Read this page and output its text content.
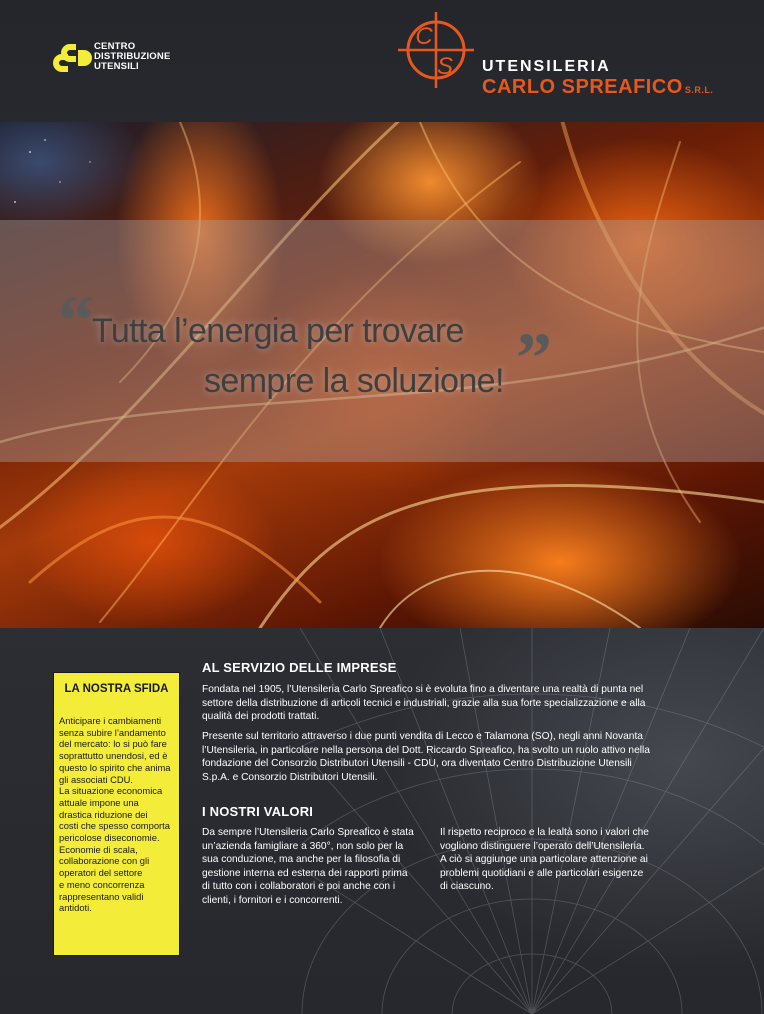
CENTRO
DISTRIBUZIONE
UTENSILI
C
S UTENSILERIA
CARLO SPREAFICO S.R.L.
“
Tutta l’energia per trovare
sempre la soluzione! ”
LA NOSTRA SFIDA
Anticipare i cambiamenti
senza subire l’andamento
del mercato: lo si può fare
soprattutto unendosi, ed è
questo lo spirito che anima
gli associati CDU.
La situazione economica
attuale impone una
drastica riduzione dei
costi che spesso comporta
pericolose diseconomie.
Economie di scala,
collaborazione con gli
operatori del settore
e meno concorrenza
rappresentano validi
antidoti.
AL SERVIZIO DELLE IMPRESE
Fondata nel 1905, l’Utensileria Carlo Spreafico si è evoluta fino a diventare una realtà di punta nel
settore della distribuzione di articoli tecnici e industriali, grazie alla sua forte specializzazione e alla
qualità dei prodotti trattati.
Presente sul territorio attraverso i due punti vendita di Lecco e Talamona (SO), negli anni Novanta
l’Utensileria, in particolare nella persona del Dott. Riccardo Spreafico, ha svolto un ruolo attivo nella
fondazione del Consorzio Distributori Utensili - CDU, ora diventato Centro Distribuzione Utensili
S.p.A. e Consorzio Distributori Utensili.
I NOSTRI VALORI
Da sempre l’Utensileria Carlo Spreafico è stata
un’azienda famigliare a 360°, non solo per la
sua conduzione, ma anche per la filosofia di
gestione interna ed esterna dei rapporti prima
di tutto con i collaboratori e poi anche con i
clienti, i fornitori e i concorrenti.
Il rispetto reciproco e la lealtà sono i valori che
vogliono distinguere l’operato dell’Utensileria.
A ciò si aggiunge una particolare attenzione ai
problemi quotidiani e alle particolari esigenze
di ciascuno.
